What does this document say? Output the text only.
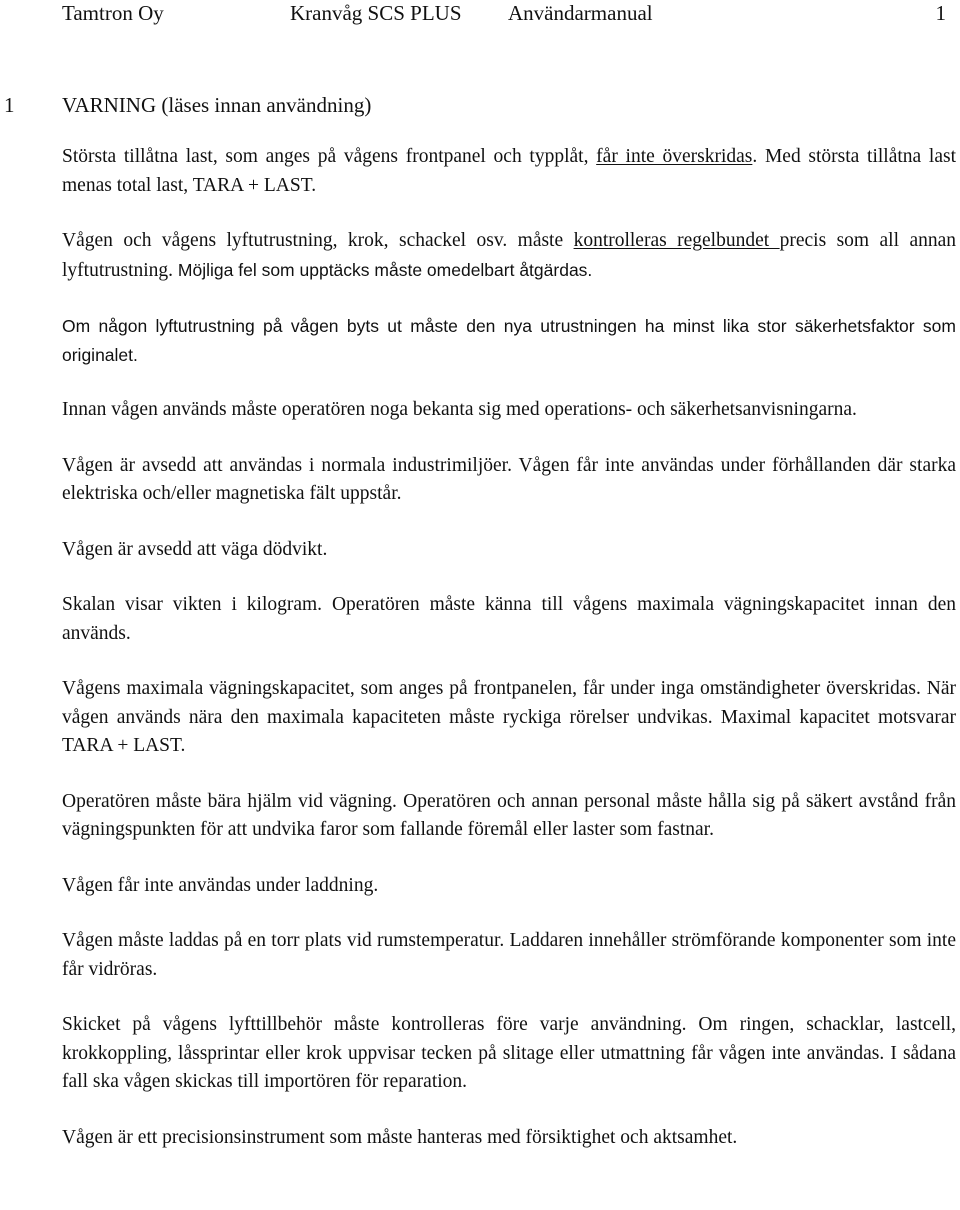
Tamtron Oy	Kranvåg SCS PLUS Användarmanual	1
1 VARNING (läses innan användning)

Största tillåtna last, som anges på vågens frontpanel och typplåt, får inte överskridas. Med största tillåtna last menas total last, TARA + LAST.

Vågen och vågens lyftutrustning, krok, schackel osv. måste kontrolleras regelbundet precis som all annan lyftutrustning. Möjliga fel som upptäcks måste omedelbart åtgärdas.

Om någon lyftutrustning på vågen byts ut måste den nya utrustningen ha minst lika stor säkerhetsfaktor som originalet.

Innan vågen används måste operatören noga bekanta sig med operations- och säkerhetsanvisningarna.

Vågen är avsedd att användas i normala industrimiljöer. Vågen får inte användas under förhållanden där starka elektriska och/eller magnetiska fält uppstår.

Vågen är avsedd att väga dödvikt.

Skalan visar vikten i kilogram. Operatören måste känna till vågens maximala vägningskapacitet innan den används.

Vågens maximala vägningskapacitet, som anges på frontpanelen, får under inga omständigheter överskridas. När vågen används nära den maximala kapaciteten måste ryckiga rörelser undvikas. Maximal kapacitet motsvarar TARA + LAST.

Operatören måste bära hjälm vid vägning. Operatören och annan personal måste hålla sig på säkert avstånd från vägningspunkten för att undvika faror som fallande föremål eller laster som fastnar.

Vågen får inte användas under laddning.

Vågen måste laddas på en torr plats vid rumstemperatur. Laddaren innehåller strömförande komponenter som inte får vidröras.

Skicket på vågens lyfttillbehör måste kontrolleras före varje användning. Om ringen, schacklar, lastcell, krokkoppling, låssprintar eller krok uppvisar tecken på slitage eller utmattning får vågen inte användas. I sådana fall ska vågen skickas till importören för reparation.

Vågen är ett precisionsinstrument som måste hanteras med försiktighet och aktsamhet.
